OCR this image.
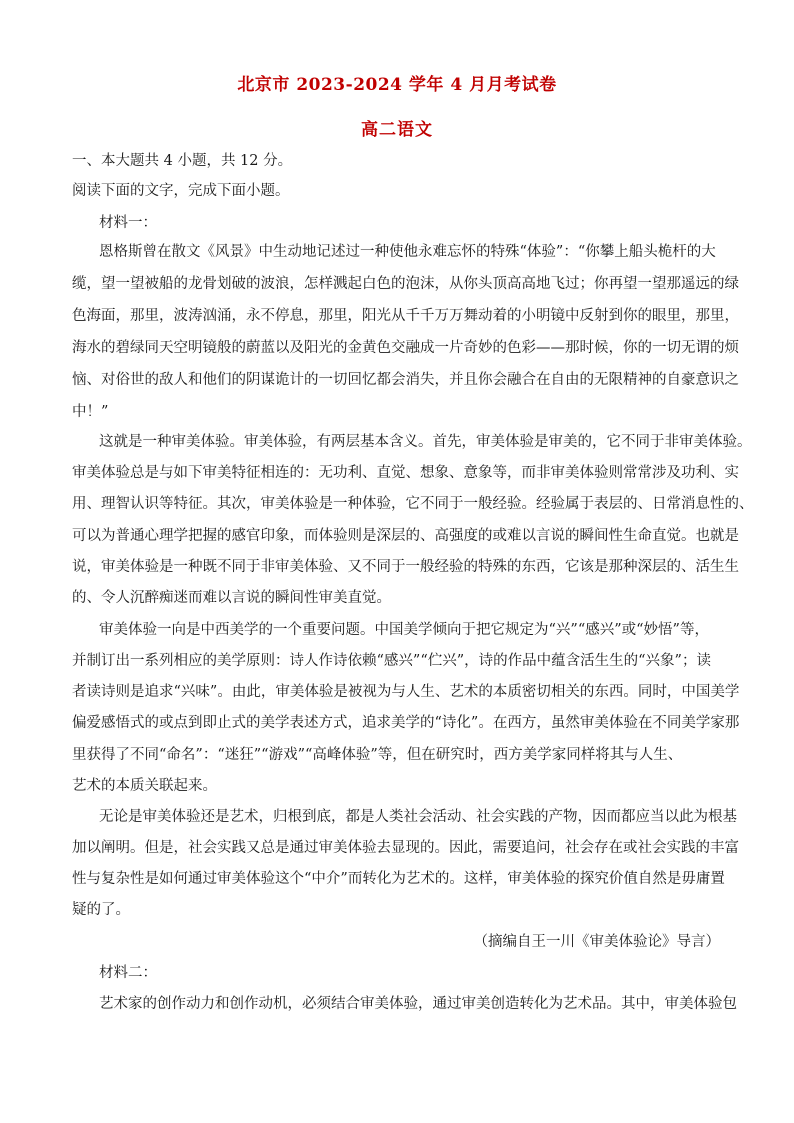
北京市 2023-2024 学年 4 月月考试卷
高二语文
一、本大题共 4 小题，共 12 分。
阅读下面的文字，完成下面小题。
材料一：
恩格斯曾在散文《风景》中生动地记述过一种使他永难忘怀的特殊“体验”：“你攀上船头桅杆的大
缆，望一望被船的龙骨划破的波浪，怎样溅起白色的泡沫，从你头顶高高地飞过；你再望一望那遥远的绿
色海面，那里，波涛汹涌，永不停息，那里，阳光从千千万万舞动着的小明镜中反射到你的眼里，那里，
海水的碧绿同天空明镜般的蔚蓝以及阳光的金黄色交融成一片奇妙的色彩——那时候，你的一切无谓的烦
恼、对俗世的敌人和他们的阴谋诡计的一切回忆都会消失，并且你会融合在自由的无限精神的自豪意识之
中！”
这就是一种审美体验。审美体验，有两层基本含义。首先，审美体验是审美的，它不同于非审美体验。
审美体验总是与如下审美特征相连的：无功利、直觉、想象、意象等，而非审美体验则常常涉及功利、实
用、理智认识等特征。其次，审美体验是一种体验，它不同于一般经验。经验属于表层的、日常消息性的、
可以为普通心理学把握的感官印象，而体验则是深层的、高强度的或难以言说的瞬间性生命直觉。也就是
说，审美体验是一种既不同于非审美体验、又不同于一般经验的特殊的东西，它该是那种深层的、活生生
的、令人沉醉痴迷而难以言说的瞬间性审美直觉。
审美体验一向是中西美学的一个重要问题。中国美学倾向于把它规定为“兴”“感兴”或“妙悟”等，
并制订出一系列相应的美学原则：诗人作诗依赖“感兴”“伫兴”，诗的作品中蕴含活生生的“兴象”；读
者读诗则是追求“兴味”。由此，审美体验是被视为与人生、艺术的本质密切相关的东西。同时，中国美学
偏爱感悟式的或点到即止式的美学表述方式，追求美学的“诗化”。在西方，虽然审美体验在不同美学家那
里获得了不同“命名”：“迷狂”“游戏”“高峰体验”等，但在研究时，西方美学家同样将其与人生、
艺术的本质关联起来。
无论是审美体验还是艺术，归根到底，都是人类社会活动、社会实践的产物，因而都应当以此为根基
加以阐明。但是，社会实践又总是通过审美体验去显现的。因此，需要追问，社会存在或社会实践的丰富
性与复杂性是如何通过审美体验这个“中介”而转化为艺术的。这样，审美体验的探究价值自然是毋庸置
疑的了。
（摘编自王一川《审美体验论》导言）
材料二：
艺术家的创作动力和创作动机，必须结合审美体验，通过审美创造转化为艺术品。其中，审美体验包
